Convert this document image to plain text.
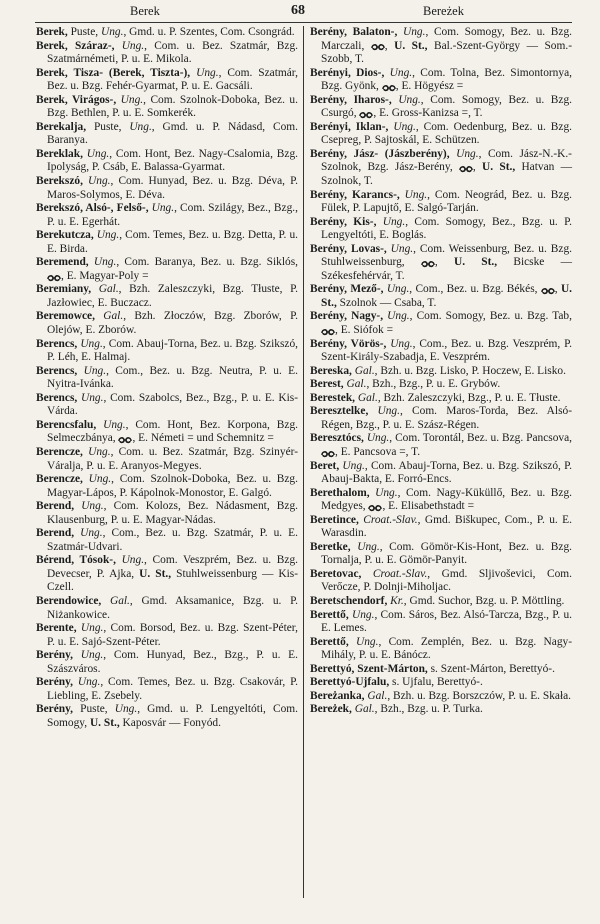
Berek	68	Bereżek

Berek, Puste, Ung., Gmd. u. P. Szentes, Com. Csongrád.

Berek, Száraz-, Ung., Com. u. Bez. Szatmár, Bzg. Szatmárnémeti, P. u. E. Mikola.

Berek, Tisza- (Berek, Tiszta-), Ung., Com. Szatmár, Bez. u. Bzg. Fehér-Gyarmat, P. u. E. Gacsáli.

Berek, Virágos-, Ung., Com. Szolnok-Doboka, Bez. u. Bzg. Bethlen, P. u. E. Somkerék.

Berekalja, Puste, Ung., Gmd. u. P. Nádasd, Com. Baranya.

Bereklak, Ung., Com. Hont, Bez. Nagy-Csalomia, Bzg. Ipolyság, P. Csáb, E. Balassa-Gyarmat.

Berekszó, Ung., Com. Hunyad, Bez. u. Bzg. Déva, P. Maros-Solymos, E. Déva.

Berekszó, Alsó-, Felső-, Ung., Com. Szilágy, Bez., Bzg., P. u. E. Egerhát.

Berekutcza, Ung., Com. Temes, Bez. u. Bzg. Detta, P. u. E. Birda.

Beremend, Ung., Com. Baranya, Bez. u. Bzg. Siklós, , E. Magyar-Poly =

Beremiany, Gal., Bzh. Zaleszczyki, Bzg. Tłuste, P. Jazłowiec, E. Buczacz.

Beremowce, Gal., Bzh. Złoczów, Bzg. Zborów, P. Olejów, E. Zborów.

Berencs, Ung., Com. Abauj-Torna, Bez. u. Bzg. Szikszó, P. Léh, E. Halmaj.

Berencs, Ung., Com., Bez. u. Bzg. Neutra, P. u. E. Nyitra-Ivánka.

Berencs, Ung., Com. Szabolcs, Bez., Bzg., P. u. E. Kis-Várda.

Berencsfalu, Ung., Com. Hont, Bez. Korpona, Bzg. Selmeczbánya, , E. Németi = und Schemnitz =

Berencze, Ung., Com. u. Bez. Szatmár, Bzg. Szinyér-Váralja, P. u. E. Aranyos-Megyes.

Berencze, Ung., Com. Szolnok-Doboka, Bez. u. Bzg. Magyar-Lápos, P. Kápolnok-Monostor, E. Galgó.

Berend, Ung., Com. Kolozs, Bez. Nádasment, Bzg. Klausenburg, P. u. E. Magyar-Nádas.

Berend, Ung., Com., Bez. u. Bzg. Szatmár, P. u. E. Szatmár-Udvari.

Bérend, Tósok-, Ung., Com. Veszprém, Bez. u. Bzg. Devecser, P. Ajka, U. St., Stuhlweissenburg — Kis-Czell.

Berendowice, Gal., Gmd. Aksamanice, Bzg. u. P. Niżankowice.

Berente, Ung., Com. Borsod, Bez. u. Bzg. Szent-Péter, P. u. E. Sajó-Szent-Péter.

Berény, Ung., Com. Hunyad, Bez., Bzg., P. u. E. Szászváros.

Berény, Ung., Com. Temes, Bez. u. Bzg. Csakovár, P. Liebling, E. Zsebely.

Berény, Puste, Ung., Gmd. u. P. Lengyeltóti, Com. Somogy, U. St., Kaposvár — Fonyód.

Berény, Balaton-, Ung., Com. Somogy, Bez. u. Bzg. Marczali, , U. St., Bal.-Szent-György — Som.-Szobb, T.

Berényi, Dios-, Ung., Com. Tolna, Bez. Simontornya, Bzg. Gyönk, , E. Högyész =

Berény, Iharos-, Ung., Com. Somogy, Bez. u. Bzg. Csurgó, , E. Gross-Kanizsa =, T.

Berényi, Iklan-, Ung., Com. Oedenburg, Bez. u. Bzg. Csepreg, P. Sajtoskál, E. Schützen.

Berény, Jász- (Jászberény), Ung., Com. Jász-N.-K.-Szolnok, Bzg. Jász-Berény, , U. St., Hatvan — Szolnok, T.

Berény, Karancs-, Ung., Com. Neográd, Bez. u. Bzg. Fülek, P. Lapujtő, E. Salgó-Tarján.

Berény, Kis-, Ung., Com. Somogy, Bez., Bzg. u. P. Lengyeltóti, E. Boglás.

Berény, Lovas-, Ung., Com. Weissenburg, Bez. u. Bzg. Stuhlweissenburg, , U. St., Bicske — Székesfehérvár, T.

Berény, Mező-, Ung., Com., Bez. u. Bzg. Békés, , U. St., Szolnok — Csaba, T.

Berény, Nagy-, Ung., Com. Somogy, Bez. u. Bzg. Tab, , E. Siófok =

Berény, Vörös-, Ung., Com., Bez. u. Bzg. Veszprém, P. Szent-Király-Szabadja, E. Veszprém.

Bereska, Gal., Bzh. u. Bzg. Lisko, P. Hoczew, E. Lisko.

Berest, Gal., Bzh., Bzg., P. u. E. Grybów.

Berestek, Gal., Bzh. Zaleszczyki, Bzg., P. u. E. Tłuste.

Beresztelke, Ung., Com. Maros-Torda, Bez. Alsó-Régen, Bzg., P. u. E. Szász-Régen.

Beresztócs, Ung., Com. Torontál, Bez. u. Bzg. Pancsova, , E. Pancsova =, T.

Beret, Ung., Com. Abauj-Torna, Bez. u. Bzg. Szikszó, P. Abauj-Bakta, E. Forró-Encs.

Berethalom, Ung., Com. Nagy-Küküllő, Bez. u. Bzg. Medgyes, , E. Elisabethstadt =

Beretince, Croat.-Slav., Gmd. Biškupec, Com., P. u. E. Warasdin.

Beretke, Ung., Com. Gömör-Kis-Hont, Bez. u. Bzg. Tornalja, P. u. E. Gömör-Panyit.

Beretovac, Croat.-Slav., Gmd. Sljivoševici, Com. Verőcze, P. Dolnji-Miholjac.

Beretschendorf, Kr., Gmd. Suchor, Bzg. u. P. Möttling.

Berettő, Ung., Com. Sáros, Bez. Alsó-Tarcza, Bzg., P. u. E. Lemes.

Berettő, Ung., Com. Zemplén, Bez. u. Bzg. Nagy-Mihály, P. u. E. Bánócz.

Berettyó, Szent-Márton, s. Szent-Márton, Berettyó-.

Berettyó-Ujfalu, s. Ujfalu, Berettyó-.

Bereżanka, Gal., Bzh. u. Bzg. Borszczów, P. u. E. Skała.

Bereżek, Gal., Bzh., Bzg. u. P. Turka.
